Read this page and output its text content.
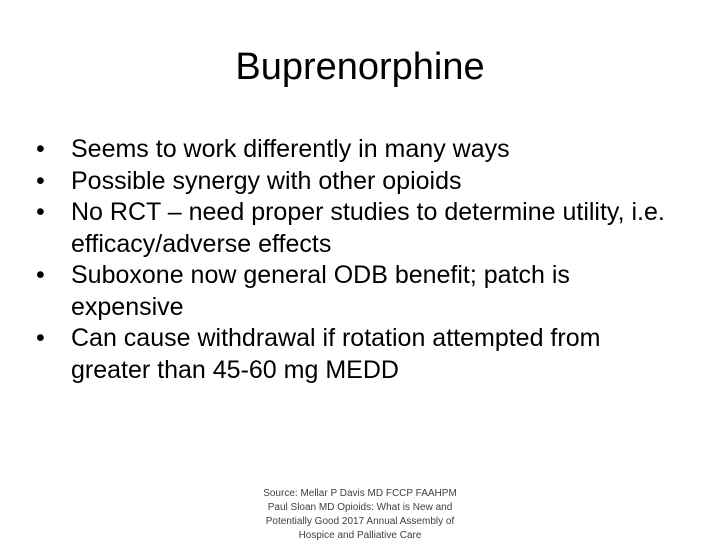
Buprenorphine
•	Seems to work differently in many ways
•	Possible synergy with other opioids
•	No RCT – need proper studies to determine utility, i.e. efficacy/adverse effects
•	Suboxone now general ODB benefit; patch is expensive
•	Can cause withdrawal if rotation attempted from greater than 45-60 mg MEDD
Source: Mellar P Davis MD FCCP FAAHPM
Paul Sloan MD Opioids: What is New and
Potentially Good 2017 Annual Assembly of
Hospice and Palliative Care
